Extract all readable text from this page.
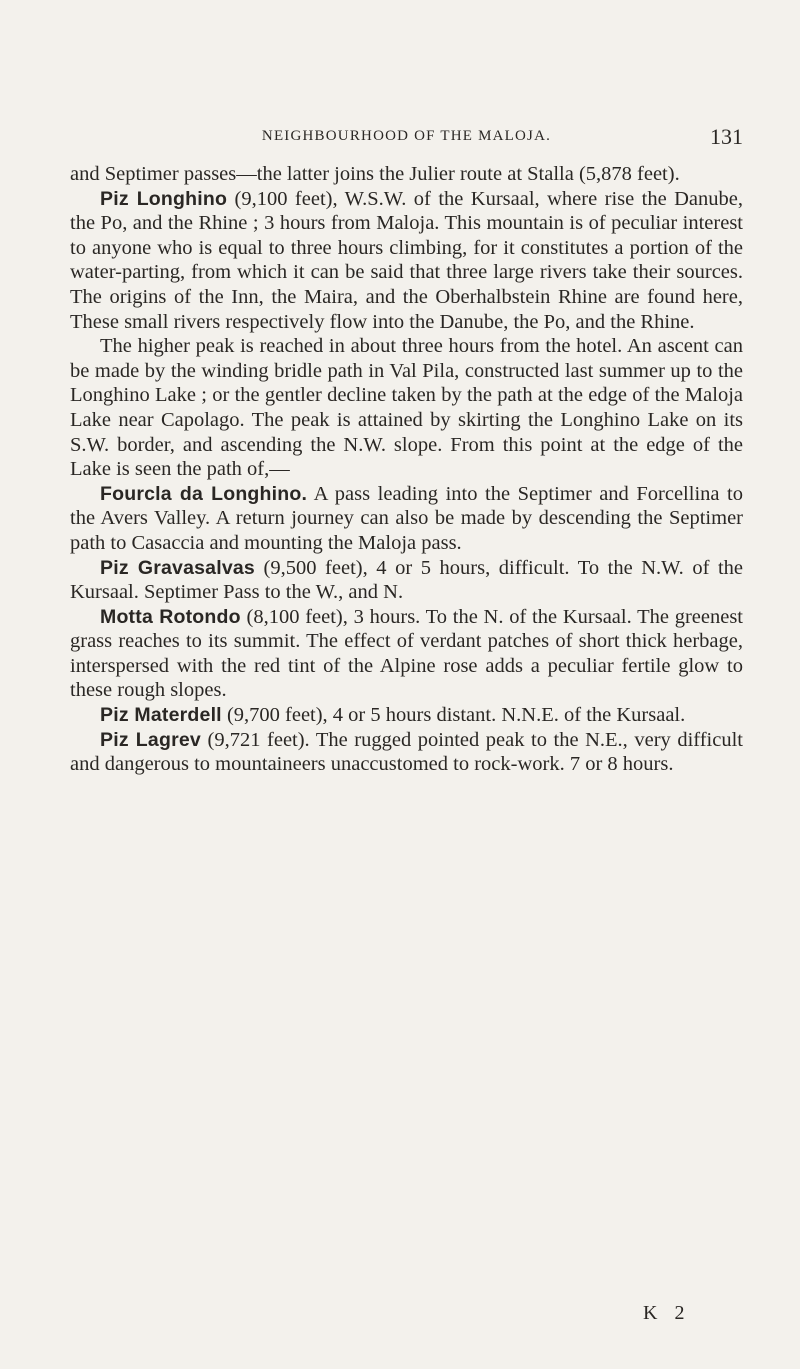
NEIGHBOURHOOD OF THE MALOJA.	131

and Septimer passes—the latter joins the Julier route at Stalla (5,878 feet).

Piz Longhino (9,100 feet), W.S.W. of the Kursaal, where rise the Danube, the Po, and the Rhine ; 3 hours from Maloja. This mountain is of peculiar interest to anyone who is equal to three hours climbing, for it constitutes a portion of the water-parting, from which it can be said that three large rivers take their sources. The origins of the Inn, the Maira, and the Oberhalbstein Rhine are found here, These small rivers respectively flow into the Danube, the Po, and the Rhine.

The higher peak is reached in about three hours from the hotel. An ascent can be made by the winding bridle path in Val Pila, constructed last summer up to the Longhino Lake ; or the gentler decline taken by the path at the edge of the Maloja Lake near Capolago. The peak is attained by skirting the Longhino Lake on its S.W. border, and ascending the N.W. slope. From this point at the edge of the Lake is seen the path of,—

Fourcla da Longhino. A pass leading into the Septimer and Forcellina to the Avers Valley. A return journey can also be made by descending the Septimer path to Casaccia and mounting the Maloja pass.

Piz Gravasalvas (9,500 feet), 4 or 5 hours, difficult. To the N.W. of the Kursaal. Septimer Pass to the W., and N.

Motta Rotondo (8,100 feet), 3 hours. To the N. of the Kursaal. The greenest grass reaches to its summit. The effect of verdant patches of short thick herbage, interspersed with the red tint of the Alpine rose adds a peculiar fertile glow to these rough slopes.

Piz Materdell (9,700 feet), 4 or 5 hours distant. N.N.E. of the Kursaal.

Piz Lagrev (9,721 feet). The rugged pointed peak to the N.E., very difficult and dangerous to mountaineers unaccustomed to rock-work. 7 or 8 hours.

K 2
